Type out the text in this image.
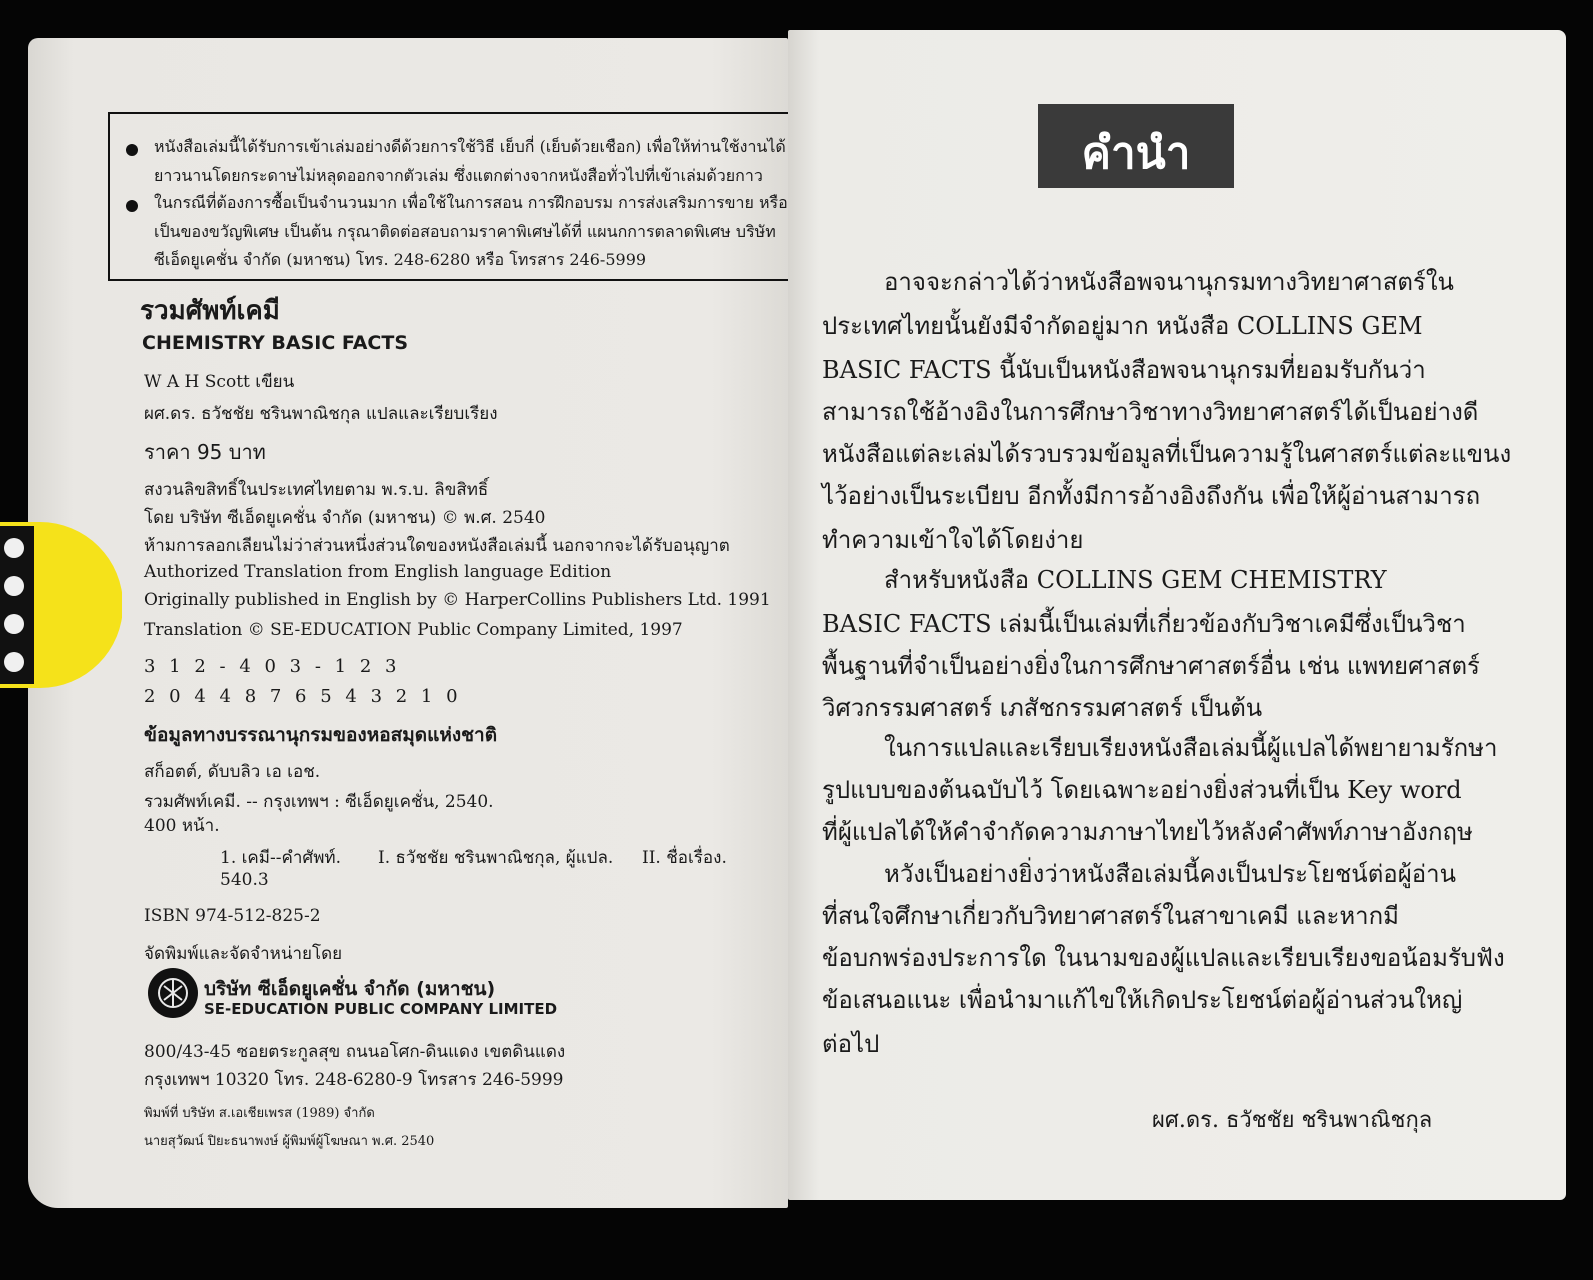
หนังสือเล่มนี้ได้รับการเข้าเล่มอย่างดีด้วยการใช้วิธี เย็บกี่ (เย็บด้วยเชือก) เพื่อให้ท่านใช้งานได้
ยาวนานโดยกระดาษไม่หลุดออกจากตัวเล่ม ซึ่งแตกต่างจากหนังสือทั่วไปที่เข้าเล่มด้วยกาว
ในกรณีที่ต้องการซื้อเป็นจำนวนมาก เพื่อใช้ในการสอน การฝึกอบรม การส่งเสริมการขาย หรือ
เป็นของขวัญพิเศษ เป็นต้น กรุณาติดต่อสอบถามราคาพิเศษได้ที่ แผนกการตลาดพิเศษ บริษัท
ซีเอ็ดยูเคชั่น จำกัด (มหาชน) โทร. 248-6280 หรือ โทรสาร 246-5999
รวมศัพท์เคมี
CHEMISTRY BASIC FACTS
W A H Scott เขียน
ผศ.ดร. ธวัชชัย ชรินพาณิชกุล แปลและเรียบเรียง
ราคา 95 บาท
สงวนลิขสิทธิ์ในประเทศไทยตาม พ.ร.บ. ลิขสิทธิ์
โดย บริษัท ซีเอ็ดยูเคชั่น จำกัด (มหาชน) © พ.ศ. 2540
ห้ามการลอกเลียนไม่ว่าส่วนหนึ่งส่วนใดของหนังสือเล่มนี้ นอกจากจะได้รับอนุญาต
Authorized Translation from English language Edition
Originally published in English by © HarperCollins Publishers Ltd. 1991
Translation © SE-EDUCATION Public Company Limited, 1997
3 1 2 - 4 0 3 - 1 2 3
2 0 4 4 8 7 6 5 4 3 2 1 0
ข้อมูลทางบรรณานุกรมของหอสมุดแห่งชาติ
สก็อตต์, ดับบลิว เอ เอช.
รวมศัพท์เคมี. -- กรุงเทพฯ : ซีเอ็ดยูเคชั่น, 2540.
400 หน้า.
1. เคมี--คำศัพท์. I. ธวัชชัย ชรินพาณิชกุล, ผู้แปล. II. ชื่อเรื่อง.
540.3
ISBN 974-512-825-2
จัดพิมพ์และจัดจำหน่ายโดย
บริษัท ซีเอ็ดยูเคชั่น จำกัด (มหาชน)
SE-EDUCATION PUBLIC COMPANY LIMITED
800/43-45 ซอยตระกูลสุข ถนนอโศก-ดินแดง เขตดินแดง
กรุงเทพฯ 10320 โทร. 248-6280-9 โทรสาร 246-5999
พิมพ์ที่ บริษัท ส.เอเชียเพรส (1989) จำกัด
นายสุวัฒน์ ปิยะธนาพงษ์ ผู้พิมพ์ผู้โฆษณา พ.ศ. 2540
คำนำ
อาจจะกล่าวได้ว่าหนังสือพจนานุกรมทางวิทยาศาสตร์ใน
ประเทศไทยนั้นยังมีจำกัดอยู่มาก หนังสือ COLLINS GEM
BASIC FACTS นี้นับเป็นหนังสือพจนานุกรมที่ยอมรับกันว่า
สามารถใช้อ้างอิงในการศึกษาวิชาทางวิทยาศาสตร์ได้เป็นอย่างดี
หนังสือแต่ละเล่มได้รวบรวมข้อมูลที่เป็นความรู้ในศาสตร์แต่ละแขนง
ไว้อย่างเป็นระเบียบ อีกทั้งมีการอ้างอิงถึงกัน เพื่อให้ผู้อ่านสามารถ
ทำความเข้าใจได้โดยง่าย
สำหรับหนังสือ COLLINS GEM CHEMISTRY
BASIC FACTS เล่มนี้เป็นเล่มที่เกี่ยวข้องกับวิชาเคมีซึ่งเป็นวิชา
พื้นฐานที่จำเป็นอย่างยิ่งในการศึกษาศาสตร์อื่น เช่น แพทยศาสตร์
วิศวกรรมศาสตร์ เภสัชกรรมศาสตร์ เป็นต้น
ในการแปลและเรียบเรียงหนังสือเล่มนี้ผู้แปลได้พยายามรักษา
รูปแบบของต้นฉบับไว้ โดยเฉพาะอย่างยิ่งส่วนที่เป็น Key word
ที่ผู้แปลได้ให้คำจำกัดความภาษาไทยไว้หลังคำศัพท์ภาษาอังกฤษ
หวังเป็นอย่างยิ่งว่าหนังสือเล่มนี้คงเป็นประโยชน์ต่อผู้อ่าน
ที่สนใจศึกษาเกี่ยวกับวิทยาศาสตร์ในสาขาเคมี และหากมี
ข้อบกพร่องประการใด ในนามของผู้แปลและเรียบเรียงขอน้อมรับฟัง
ข้อเสนอแนะ เพื่อนำมาแก้ไขให้เกิดประโยชน์ต่อผู้อ่านส่วนใหญ่
ต่อไป
ผศ.ดร. ธวัชชัย ชรินพาณิชกุล
